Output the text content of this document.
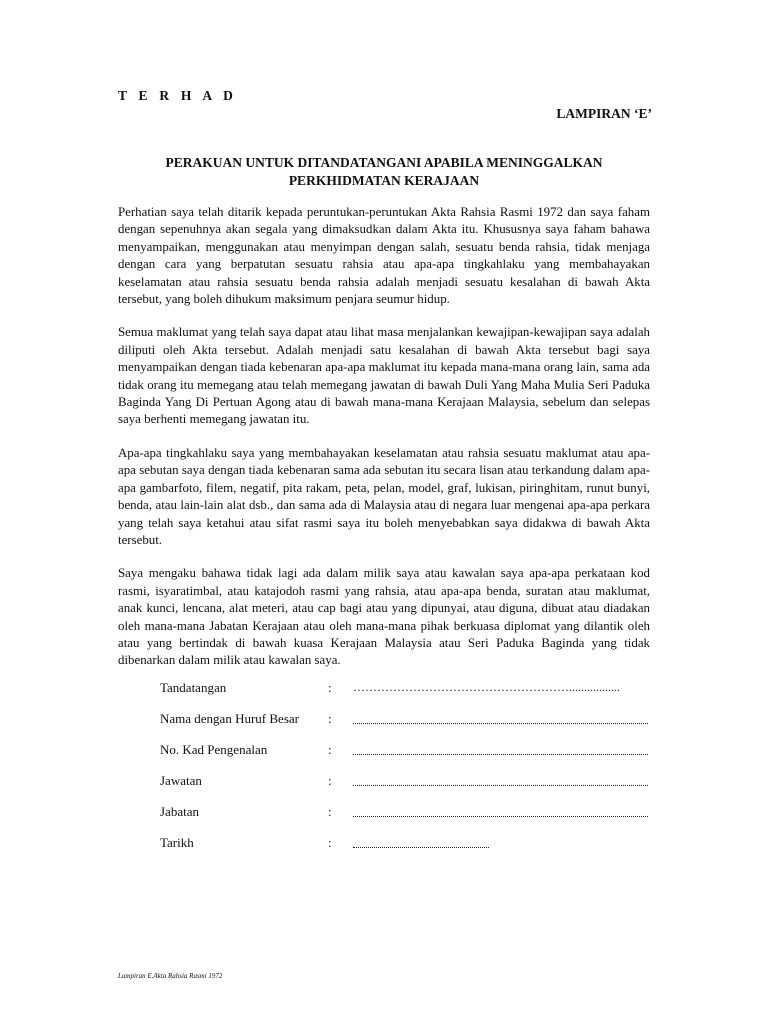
T E R H A D
LAMPIRAN ‘E’
PERAKUAN UNTUK DITANDATANGANI APABILA MENINGGALKAN
PERKHIDMATAN KERAJAAN

Perhatian saya telah ditarik kepada peruntukan-peruntukan Akta Rahsia Rasmi 1972 dan saya faham dengan sepenuhnya akan segala yang dimaksudkan dalam Akta itu. Khususnya saya faham bahawa menyampaikan, menggunakan atau menyimpan dengan salah, sesuatu benda rahsia, tidak menjaga dengan cara yang berpatutan sesuatu rahsia atau apa-apa tingkahlaku yang membahayakan keselamatan atau rahsia sesuatu benda rahsia adalah menjadi sesuatu kesalahan di bawah Akta tersebut, yang boleh dihukum maksimum penjara seumur hidup.

Semua maklumat yang telah saya dapat atau lihat masa menjalankan kewajipan-kewajipan saya adalah diliputi oleh Akta tersebut. Adalah menjadi satu kesalahan di bawah Akta tersebut bagi saya menyampaikan dengan tiada kebenaran apa-apa maklumat itu kepada mana-mana orang lain, sama ada tidak orang itu memegang atau telah memegang jawatan di bawah Duli Yang Maha Mulia Seri Paduka Baginda Yang Di Pertuan Agong atau di bawah mana-mana Kerajaan Malaysia, sebelum dan selepas saya berhenti memegang jawatan itu.

Apa-apa tingkahlaku saya yang membahayakan keselamatan atau rahsia sesuatu maklumat atau apa-apa sebutan saya dengan tiada kebenaran sama ada sebutan itu secara lisan atau terkandung dalam apa-apa gambarfoto, filem, negatif, pita rakam, peta, pelan, model, graf, lukisan, piringhitam, runut bunyi, benda, atau lain-lain alat dsb., dan sama ada di Malaysia atau di negara luar mengenai apa-apa perkara yang telah saya ketahui atau sifat rasmi saya itu boleh menyebabkan saya didakwa di bawah Akta tersebut.

Saya mengaku bahawa tidak lagi ada dalam milik saya atau kawalan saya apa-apa perkataan kod rasmi, isyaratimbal, atau katajodoh rasmi yang rahsia, atau apa-apa benda, suratan atau maklumat, anak kunci, lencana, alat meteri, atau cap bagi atau yang dipunyai, atau diguna, dibuat atau diadakan oleh mana-mana Jabatan Kerajaan atau oleh mana-mana pihak berkuasa diplomat yang dilantik oleh atau yang bertindak di bawah kuasa Kerajaan Malaysia atau Seri Paduka Baginda yang tidak dibenarkan dalam milik atau kawalan saya.

Tandatangan	: ……………………………………………….................
Nama dengan Huruf Besar :
No. Kad Pengenalan	:
Jawatan	:
Jabatan	:
Tarikh	:
Lampiran E.Akta Rahsia Rasmi 1972
